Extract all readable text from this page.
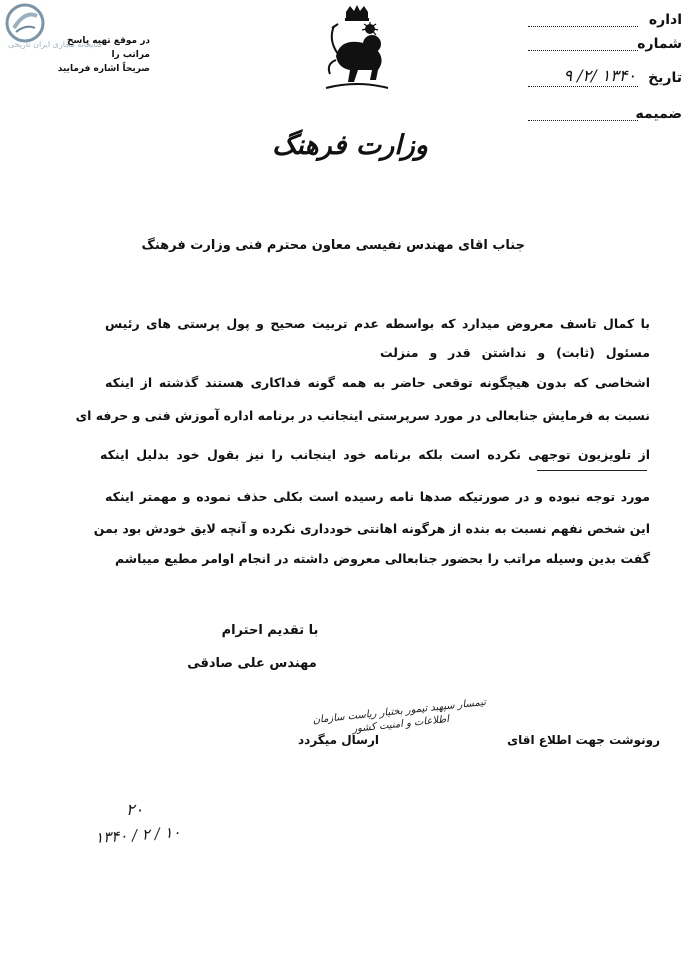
کتابخانه مجازی ایران تاریخی
در موقع تهیه پاسخ مراتب را
صریحاً اشاره فرمایید
اداره
شماره
تاریخ
۹ /۲/ ۱۳۴۰
ضمیمه
وزارت فرهنگ
جناب اقای مهندس نفیسی معاون محترم فنی وزارت فرهنگ
با کمال تاسف معروض میدارد که بواسطه عدم تربیت صحیح و پول پرستی های رئیس
مسئول (ثابت) و نداشتن قدر و منزلت
اشخاصی که بدون هیچگونه توقعی حاضر به همه گونه فداکاری هستند گذشته از اینکه
نسبت به فرمایش جنابعالی در مورد سرپرستی اینجانب در برنامه اداره آموزش فنی و حرفه ای
از تلویزیون توجهی نکرده است بلکه برنامه خود اینجانب را نیز بقول خود بدلیل اینکه
مورد توجه نبوده و در صورتیکه صدها نامه رسیده است بکلی حذف نموده و مهمتر اینکه
این شخص نفهم نسبت به بنده از هرگونه اهانتی خودداری نکرده و آنچه لایق خودش بود بمن
گفت بدین وسیله مراتب را بحضور جنابعالی معروض داشته در انجام اوامر مطیع میباشم
با تقدیم احترام
مهندس علی صادقی
رونوشت جهت اطلاع اقای
تیمسار سپهبد تیمور بختیار ریاست سازمان اطلاعات و امنیت کشور
ارسال میگردد
۲۰
۱۳۴۰ / ۲ / ۱۰
